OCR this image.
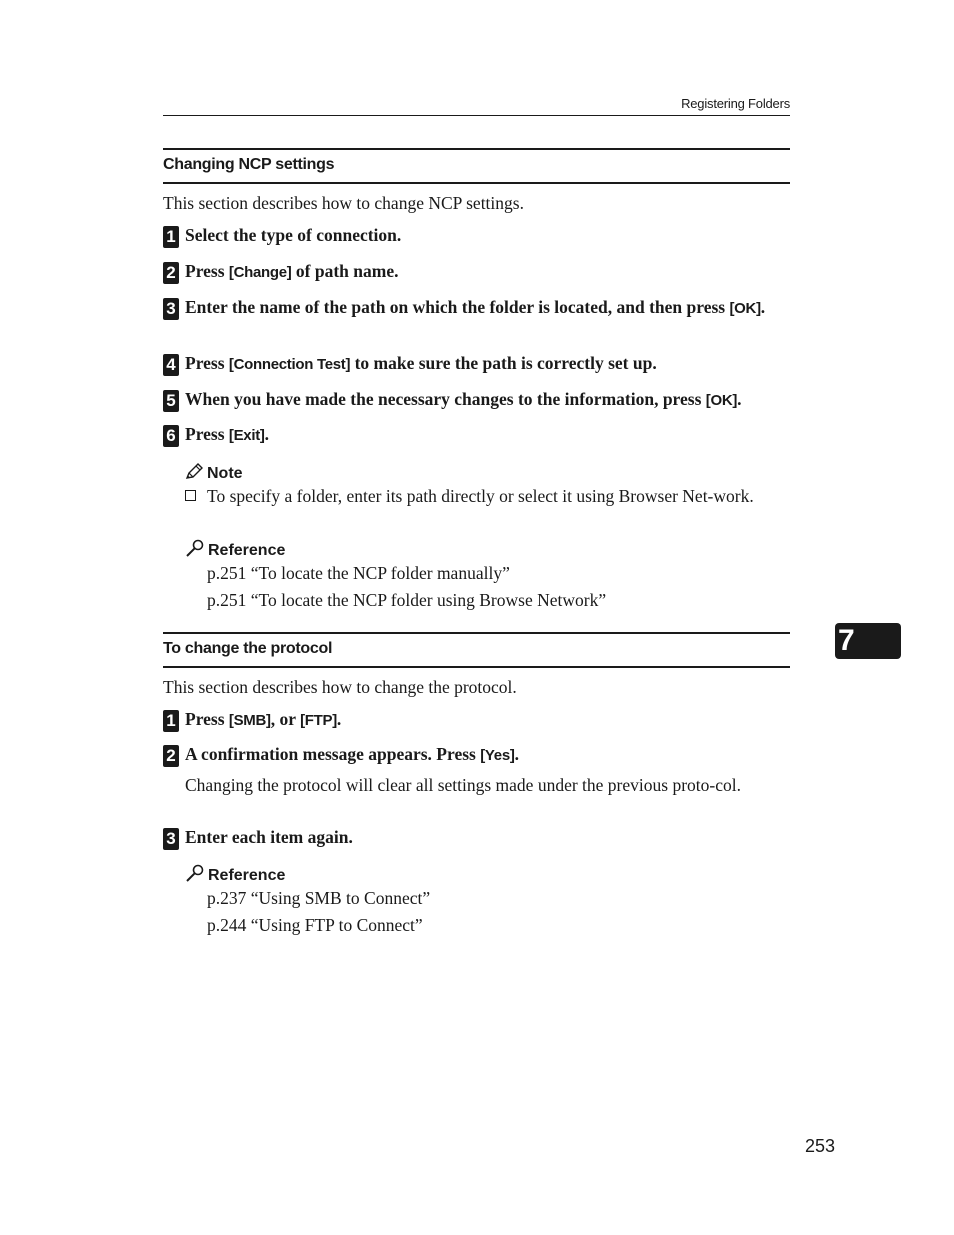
Registering Folders
Changing NCP settings
This section describes how to change NCP settings.
1 Select the type of connection.
2 Press [Change] of path name.
3 Enter the name of the path on which the folder is located, and then press [OK].
4 Press [Connection Test] to make sure the path is correctly set up.
5 When you have made the necessary changes to the information, press [OK].
6 Press [Exit].
Note
To specify a folder, enter its path directly or select it using Browser Net-work.
Reference
p.251 “To locate the NCP folder manually”
p.251 “To locate the NCP folder using Browse Network”
To change the protocol
This section describes how to change the protocol.
1 Press [SMB], or [FTP].
2 A confirmation message appears. Press [Yes].
Changing the protocol will clear all settings made under the previous proto-col.
3 Enter each item again.
Reference
p.237 “Using SMB to Connect”
p.244 “Using FTP to Connect”
7
253
